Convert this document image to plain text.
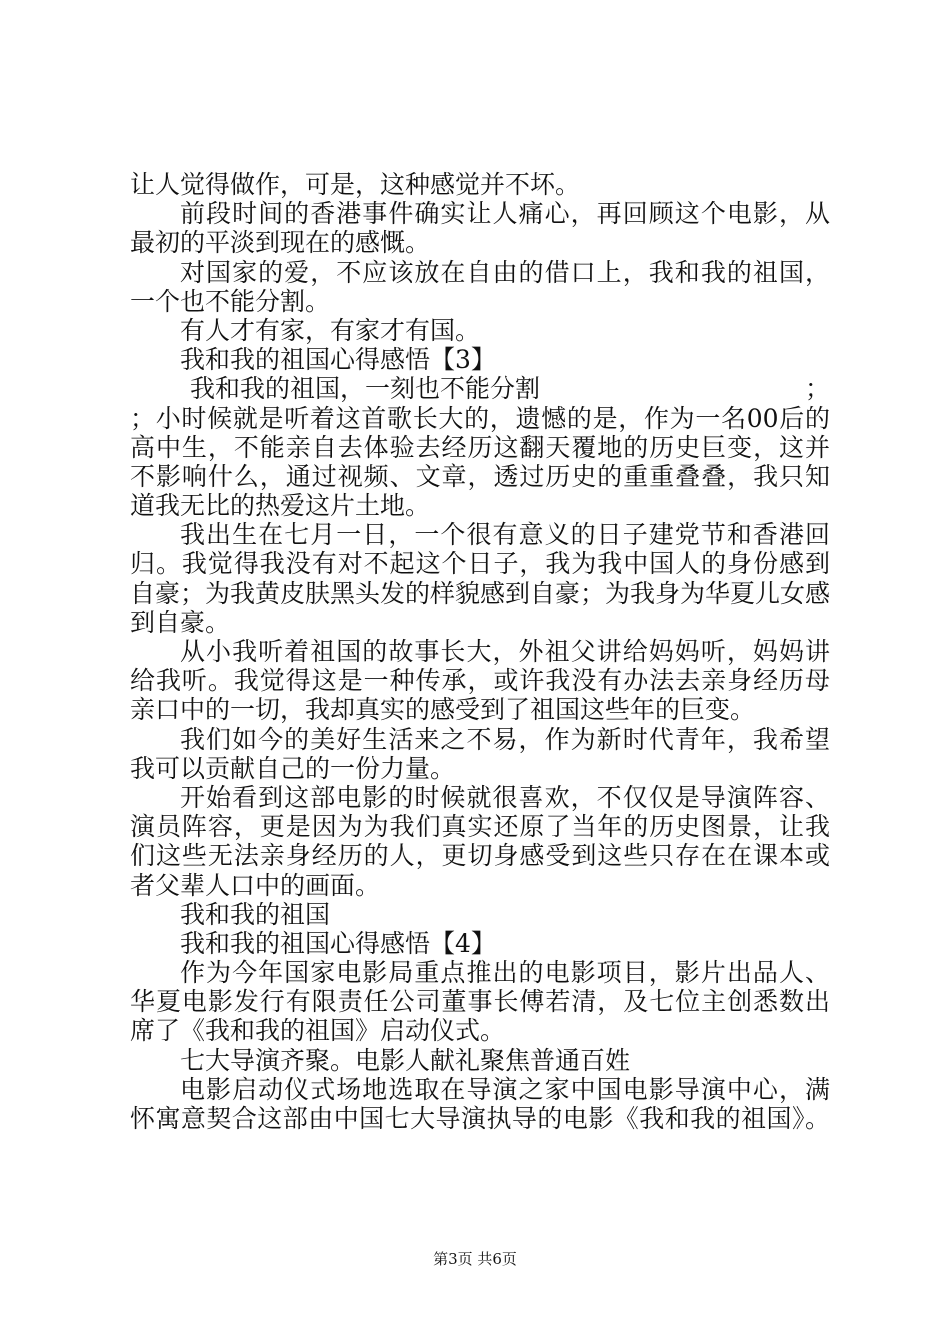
让人觉得做作，可是，这种感觉并不坏。
前段时间的香港事件确实让人痛心，再回顾这个电影，从
最初的平淡到现在的感慨。
对国家的爱，不应该放在自由的借口上，我和我的祖国，
一个也不能分割。
有人才有家，有家才有国。
我和我的祖国心得感悟【3】
我和我的祖国，一刻也不能分割	；
；小时候就是听着这首歌长大的，遗憾的是，作为一名00后的
高中生，不能亲自去体验去经历这翻天覆地的历史巨变，这并
不影响什么，通过视频、文章，透过历史的重重叠叠，我只知
道我无比的热爱这片土地。
我出生在七月一日，一个很有意义的日子建党节和香港回
归。我觉得我没有对不起这个日子，我为我中国人的身份感到
自豪；为我黄皮肤黑头发的样貌感到自豪；为我身为华夏儿女感
到自豪。
从小我听着祖国的故事长大，外祖父讲给妈妈听，妈妈讲
给我听。我觉得这是一种传承，或许我没有办法去亲身经历母
亲口中的一切，我却真实的感受到了祖国这些年的巨变。
我们如今的美好生活来之不易，作为新时代青年，我希望
我可以贡献自己的一份力量。
开始看到这部电影的时候就很喜欢，不仅仅是导演阵容、
演员阵容，更是因为为我们真实还原了当年的历史图景，让我
们这些无法亲身经历的人，更切身感受到这些只存在在课本或
者父辈人口中的画面。
我和我的祖国
我和我的祖国心得感悟【4】
作为今年国家电影局重点推出的电影项目，影片出品人、
华夏电影发行有限责任公司董事长傅若清，及七位主创悉数出
席了《我和我的祖国》启动仪式。
七大导演齐聚。电影人献礼聚焦普通百姓
电影启动仪式场地选取在导演之家中国电影导演中心，满
怀寓意契合这部由中国七大导演执导的电影《我和我的祖国》。
第3页 共6页
